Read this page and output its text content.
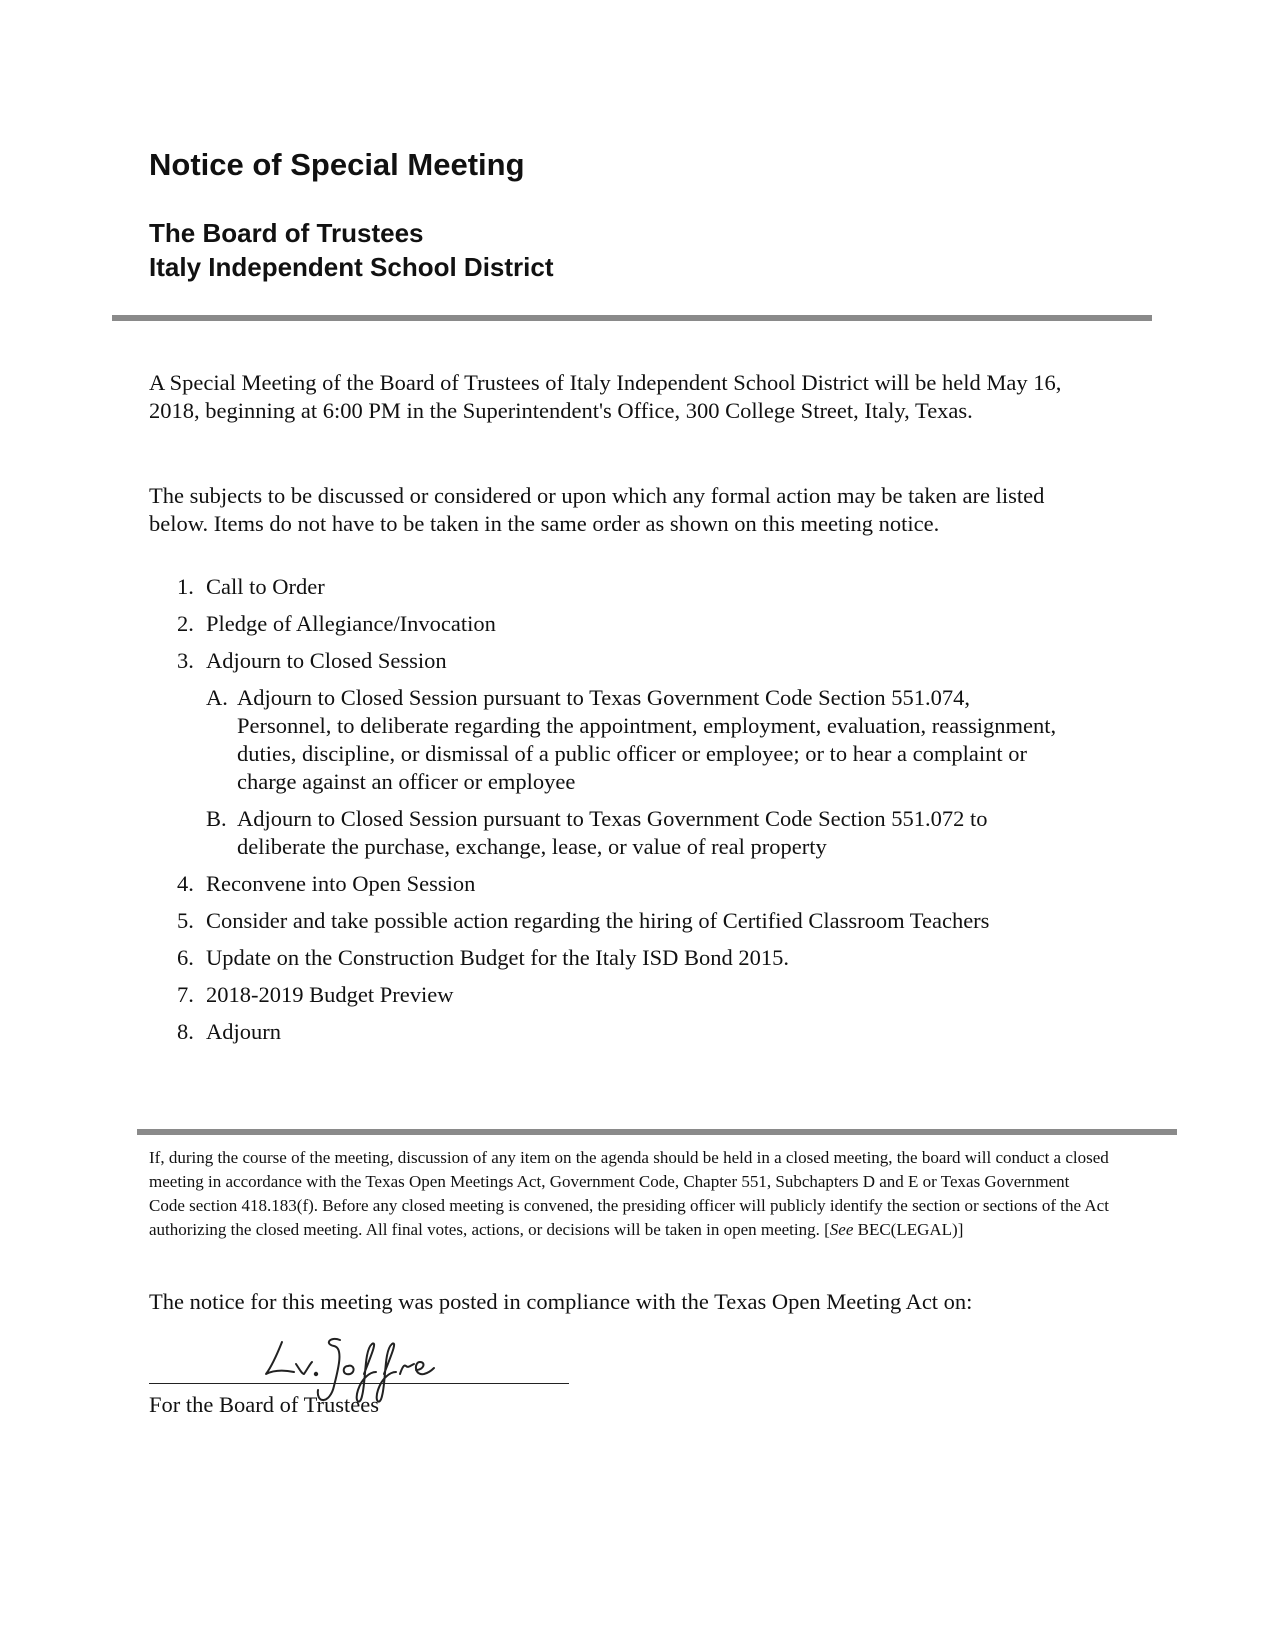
Notice of Special Meeting
The Board of Trustees
Italy Independent School District

A Special Meeting of the Board of Trustees of Italy Independent School District will be held May 16, 2018, beginning at 6:00 PM in the Superintendent's Office, 300 College Street, Italy, Texas.

The subjects to be discussed or considered or upon which any formal action may be taken are listed below. Items do not have to be taken in the same order as shown on this meeting notice.

1. Call to Order
2. Pledge of Allegiance/Invocation
3. Adjourn to Closed Session
A. Adjourn to Closed Session pursuant to Texas Government Code Section 551.074, Personnel, to deliberate regarding the appointment, employment, evaluation, reassignment, duties, discipline, or dismissal of a public officer or employee; or to hear a complaint or charge against an officer or employee
B. Adjourn to Closed Session pursuant to Texas Government Code Section 551.072 to deliberate the purchase, exchange, lease, or value of real property
4. Reconvene into Open Session
5. Consider and take possible action regarding the hiring of Certified Classroom Teachers
6. Update on the Construction Budget for the Italy ISD Bond 2015.
7. 2018-2019 Budget Preview
8. Adjourn

If, during the course of the meeting, discussion of any item on the agenda should be held in a closed meeting, the board will conduct a closed meeting in accordance with the Texas Open Meetings Act, Government Code, Chapter 551, Subchapters D and E or Texas Government Code section 418.183(f). Before any closed meeting is convened, the presiding officer will publicly identify the section or sections of the Act authorizing the closed meeting. All final votes, actions, or decisions will be taken in open meeting. [See BEC(LEGAL)]

The notice for this meeting was posted in compliance with the Texas Open Meeting Act on:

For the Board of Trustees
